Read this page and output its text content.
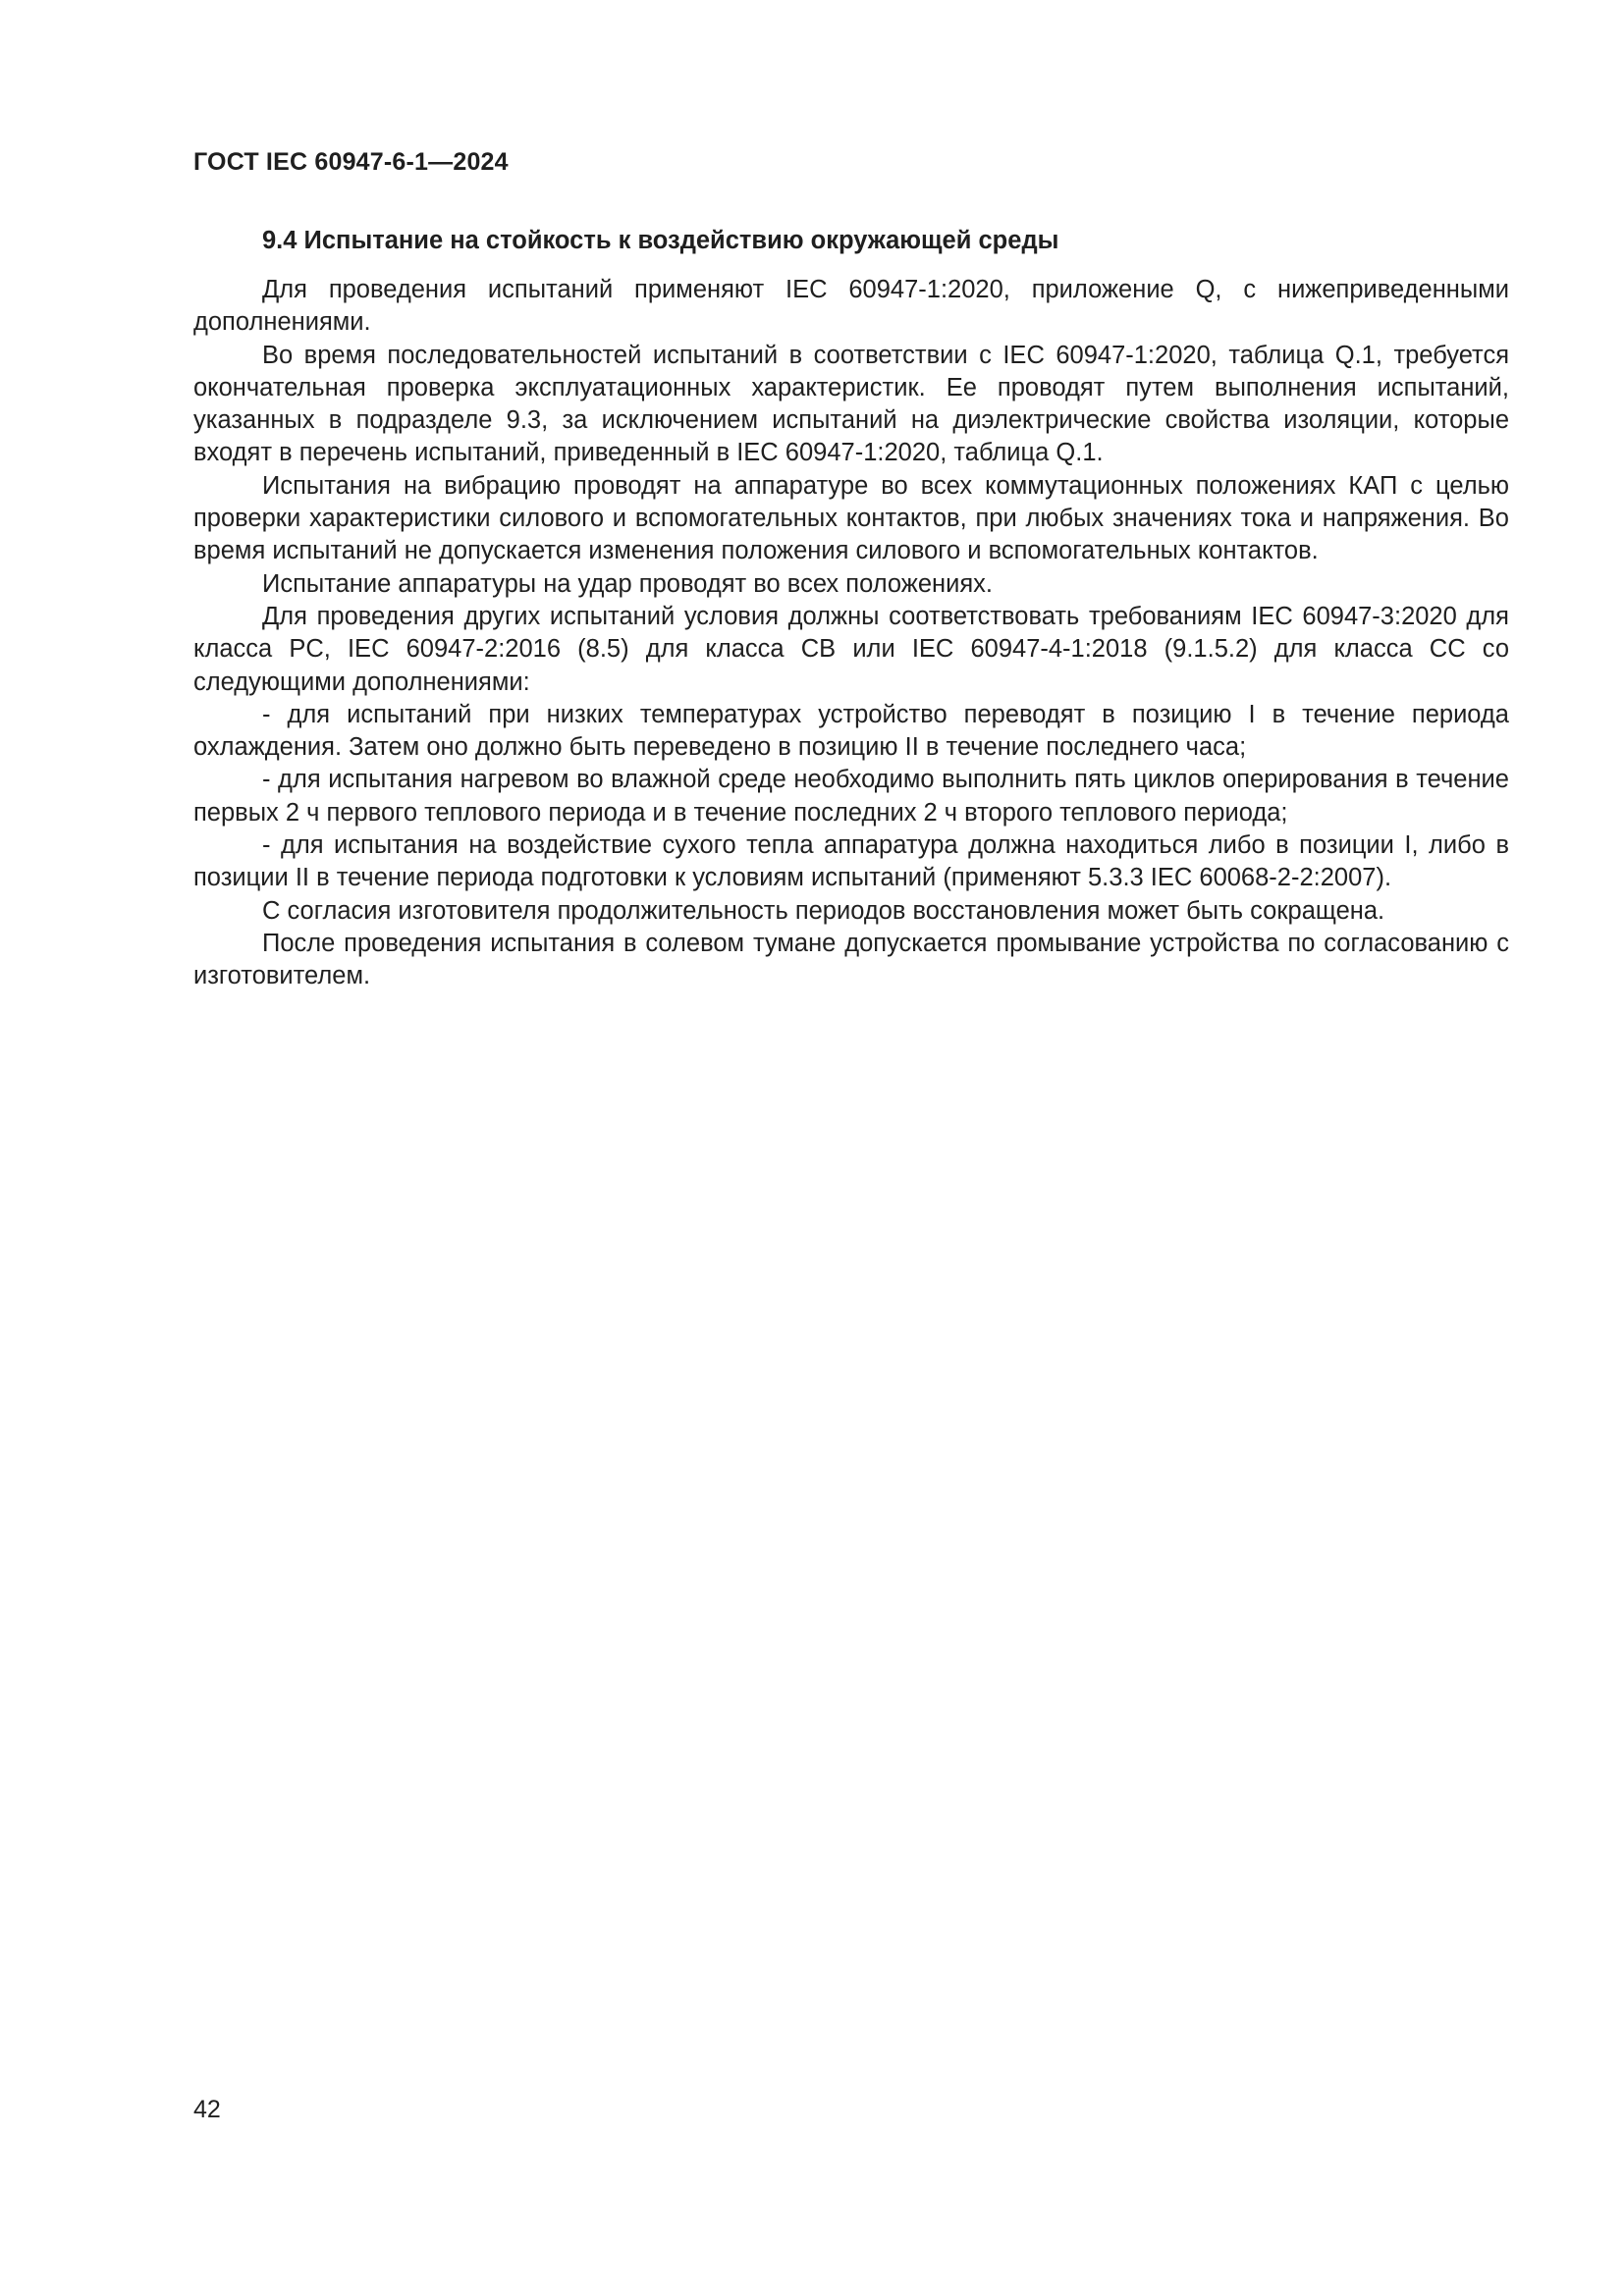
ГОСТ IEC 60947-6-1—2024
9.4 Испытание на стойкость к воздействию окружающей среды

Для проведения испытаний применяют IEC 60947-1:2020, приложение Q, с нижеприведенными дополнениями.

Во время последовательностей испытаний в соответствии с IEC 60947-1:2020, таблица Q.1, требуется окончательная проверка эксплуатационных характеристик. Ее проводят путем выполнения испытаний, указанных в подразделе 9.3, за исключением испытаний на диэлектрические свойства изоляции, которые входят в перечень испытаний, приведенный в IEC 60947-1:2020, таблица Q.1.

Испытания на вибрацию проводят на аппаратуре во всех коммутационных положениях КАП с целью проверки характеристики силового и вспомогательных контактов, при любых значениях тока и напряжения. Во время испытаний не допускается изменения положения силового и вспомогательных контактов.

Испытание аппаратуры на удар проводят во всех положениях.

Для проведения других испытаний условия должны соответствовать требованиям IEC 60947-3:2020 для класса PC, IEC 60947-2:2016 (8.5) для класса CB или IEC 60947-4-1:2018 (9.1.5.2) для класса CC со следующими дополнениями:

- для испытаний при низких температурах устройство переводят в позицию I в течение периода охлаждения. Затем оно должно быть переведено в позицию II в течение последнего часа;

- для испытания нагревом во влажной среде необходимо выполнить пять циклов оперирования в течение первых 2 ч первого теплового периода и в течение последних 2 ч второго теплового периода;

- для испытания на воздействие сухого тепла аппаратура должна находиться либо в позиции I, либо в позиции II в течение периода подготовки к условиям испытаний (применяют 5.3.3 IEC 60068-2-2:2007).

С согласия изготовителя продолжительность периодов восстановления может быть сокращена.

После проведения испытания в солевом тумане допускается промывание устройства по согласованию с изготовителем.

42
